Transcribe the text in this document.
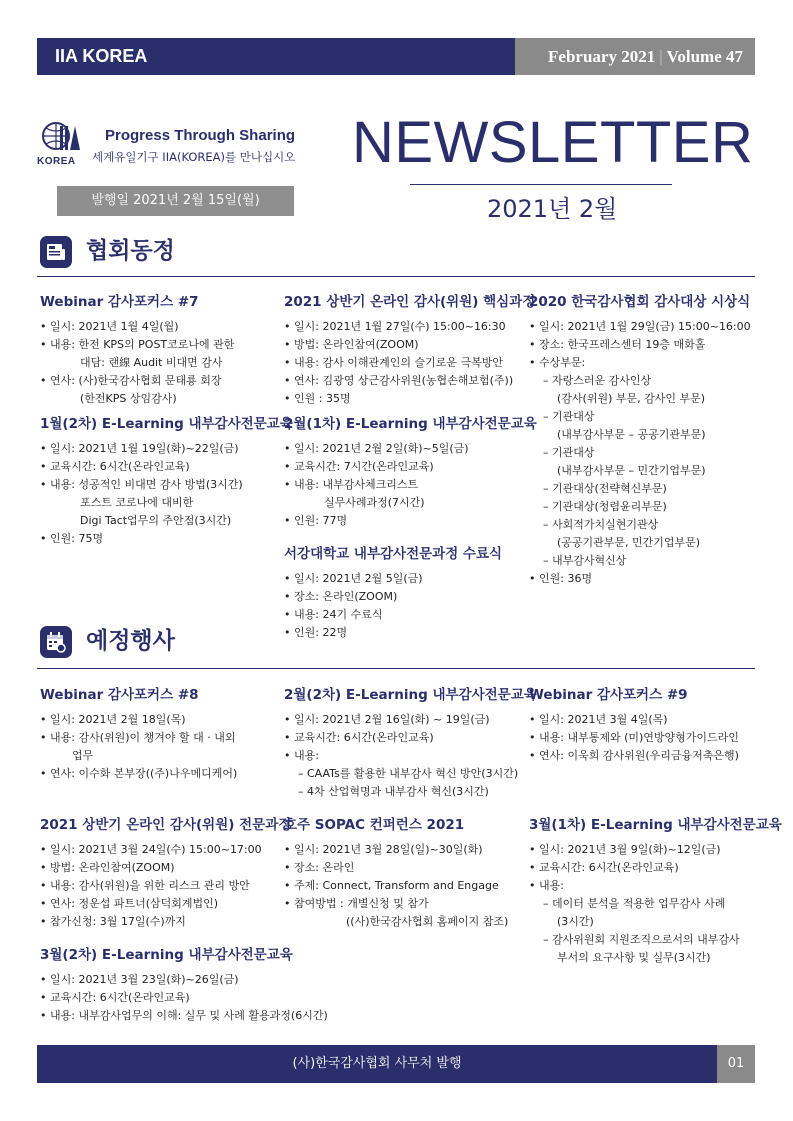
IIA KOREA	February 2021 | Volume 47
KOREA
Progress Through Sharing
세계유일기구 IIA(KOREA)를 만나십시오
발행일 2021년 2월 15일(월)
NEWSLETTER
2021년 2월
협회동정
Webinar 감사포커스 #7
• 일시: 2021년 1월 4일(월)
• 내용: 한전 KPS의 POST코로나에 관한
대담: 랜線 Audit 비대면 감사
• 연사: (사)한국감사협회 문태룡 회장
(한전KPS 상임감사)
1월(2차) E-Learning 내부감사전문교육
• 일시: 2021년 1월 19일(화)~22일(금)
• 교육시간: 6시간(온라인교육)
• 내용: 성공적인 비대면 감사 방법(3시간)
포스트 코로나에 대비한
Digi Tact업무의 주안점(3시간)
• 인원: 75명
2021 상반기 온라인 감사(위원) 핵심과정
• 일시: 2021년 1월 27일(수) 15:00~16:30
• 방법: 온라인참여(ZOOM)
• 내용: 감사 이해관계인의 슬기로운 극복방안
• 연사: 김광영 상근감사위원(농협손해보험(주))
• 인원 : 35명
2월(1차) E-Learning 내부감사전문교육
• 일시: 2021년 2월 2일(화)~5일(금)
• 교육시간: 7시간(온라인교육)
• 내용: 내부감사체크리스트
실무사례과정(7시간)
• 인원: 77명
서강대학교 내부감사전문과정 수료식
• 일시: 2021년 2월 5일(금)
• 장소: 온라인(ZOOM)
• 내용: 24기 수료식
• 인원: 22명
2020 한국감사협회 감사대상 시상식
• 일시: 2021년 1월 29일(금) 15:00~16:00
• 장소: 한국프레스센터 19층 매화홀
• 수상부문:
– 자랑스러운 감사인상
(감사(위원) 부문, 감사인 부문)
– 기관대상
(내부감사부문 – 공공기관부문)
– 기관대상
(내부감사부문 – 민간기업부문)
– 기관대상(전략혁신부문)
– 기관대상(청렴윤리부문)
– 사회적가치실현기관상
(공공기관부문, 민간기업부문)
– 내부감사혁신상
• 인원: 36명
예정행사
Webinar 감사포커스 #8
• 일시: 2021년 2월 18일(목)
• 내용: 감사(위원)이 챙겨야 할 대 · 내외
업무
• 연사: 이수화 본부장((주)나우메디케어)
2021 상반기 온라인 감사(위원) 전문과정
• 일시: 2021년 3월 24일(수) 15:00~17:00
• 방법: 온라인참여(ZOOM)
• 내용: 감사(위원)을 위한 리스크 관리 방안
• 연사: 정운섭 파트너(삼덕회계법인)
• 참가신청: 3월 17일(수)까지
3월(2차) E-Learning 내부감사전문교육
• 일시: 2021년 3월 23일(화)~26일(금)
• 교육시간: 6시간(온라인교육)
• 내용: 내부감사업무의 이해: 실무 및 사례 활용과정(6시간)
2월(2차) E-Learning 내부감사전문교육
• 일시: 2021년 2월 16일(화) ~ 19일(금)
• 교육시간: 6시간(온라인교육)
• 내용:
– CAATs를 활용한 내부감사 혁신 방안(3시간)
– 4차 산업혁명과 내부감사 혁신(3시간)
호주 SOPAC 컨퍼런스 2021
• 일시: 2021년 3월 28일(일)~30일(화)
• 장소: 온라인
• 주제: Connect, Transform and Engage
• 참여방법 : 개별신청 및 참가
((사)한국감사협회 홈페이지 참조)
Webinar 감사포커스 #9
• 일시: 2021년 3월 4일(목)
• 내용: 내부통제와 (미)연방양형가이드라인
• 연사: 이욱희 감사위원(우리금융저축은행)
3월(1차) E-Learning 내부감사전문교육
• 일시: 2021년 3월 9일(화)~12일(금)
• 교육시간: 6시간(온라인교육)
• 내용:
– 데이터 분석을 적용한 업무감사 사례
(3시간)
– 감사위원회 지원조직으로서의 내부감사
부서의 요구사항 및 실무(3시간)
(사)한국감사협회 사무처 발행	01
